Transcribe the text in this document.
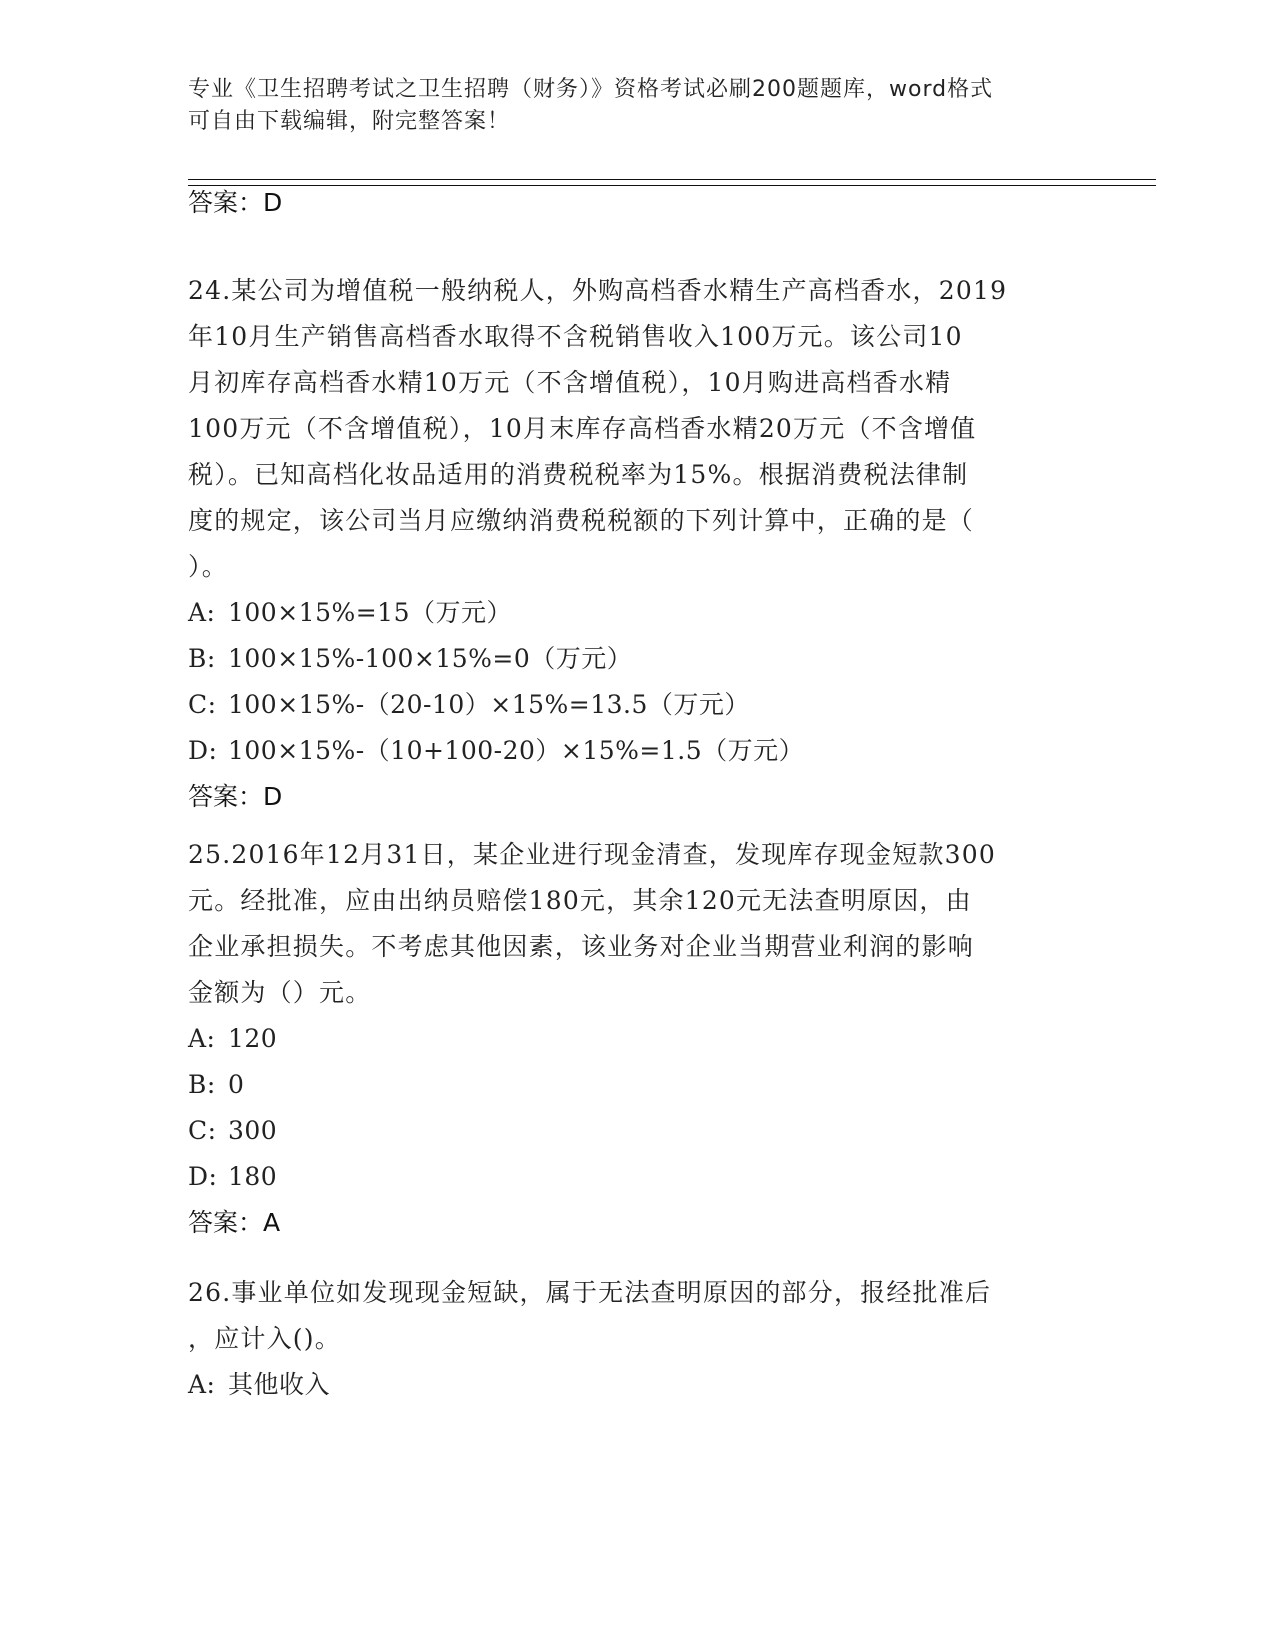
专业《卫生招聘考试之卫生招聘（财务）》资格考试必刷200题题库，word格式
可自由下载编辑，附完整答案！
答案：D
24.某公司为增值税一般纳税人，外购高档香水精生产高档香水，2019
年10月生产销售高档香水取得不含税销售收入100万元。该公司10
月初库存高档香水精10万元（不含增值税），10月购进高档香水精
100万元（不含增值税），10月末库存高档香水精20万元（不含增值
税）。已知高档化妆品适用的消费税税率为15%。根据消费税法律制
度的规定，该公司当月应缴纳消费税税额的下列计算中，正确的是（
）。
A: 100×15%=15（万元）
B: 100×15%-100×15%=0（万元）
C: 100×15%-（20-10）×15%=13.5（万元）
D: 100×15%-（10+100-20）×15%=1.5（万元）
答案：D
25.2016年12月31日，某企业进行现金清查，发现库存现金短款300
元。经批准，应由出纳员赔偿180元，其余120元无法查明原因，由
企业承担损失。不考虑其他因素，该业务对企业当期营业利润的影响
金额为（）元。
A: 120
B: 0
C: 300
D: 180
答案：A
26.事业单位如发现现金短缺，属于无法查明原因的部分，报经批准后
，应计入()。
A: 其他收入
